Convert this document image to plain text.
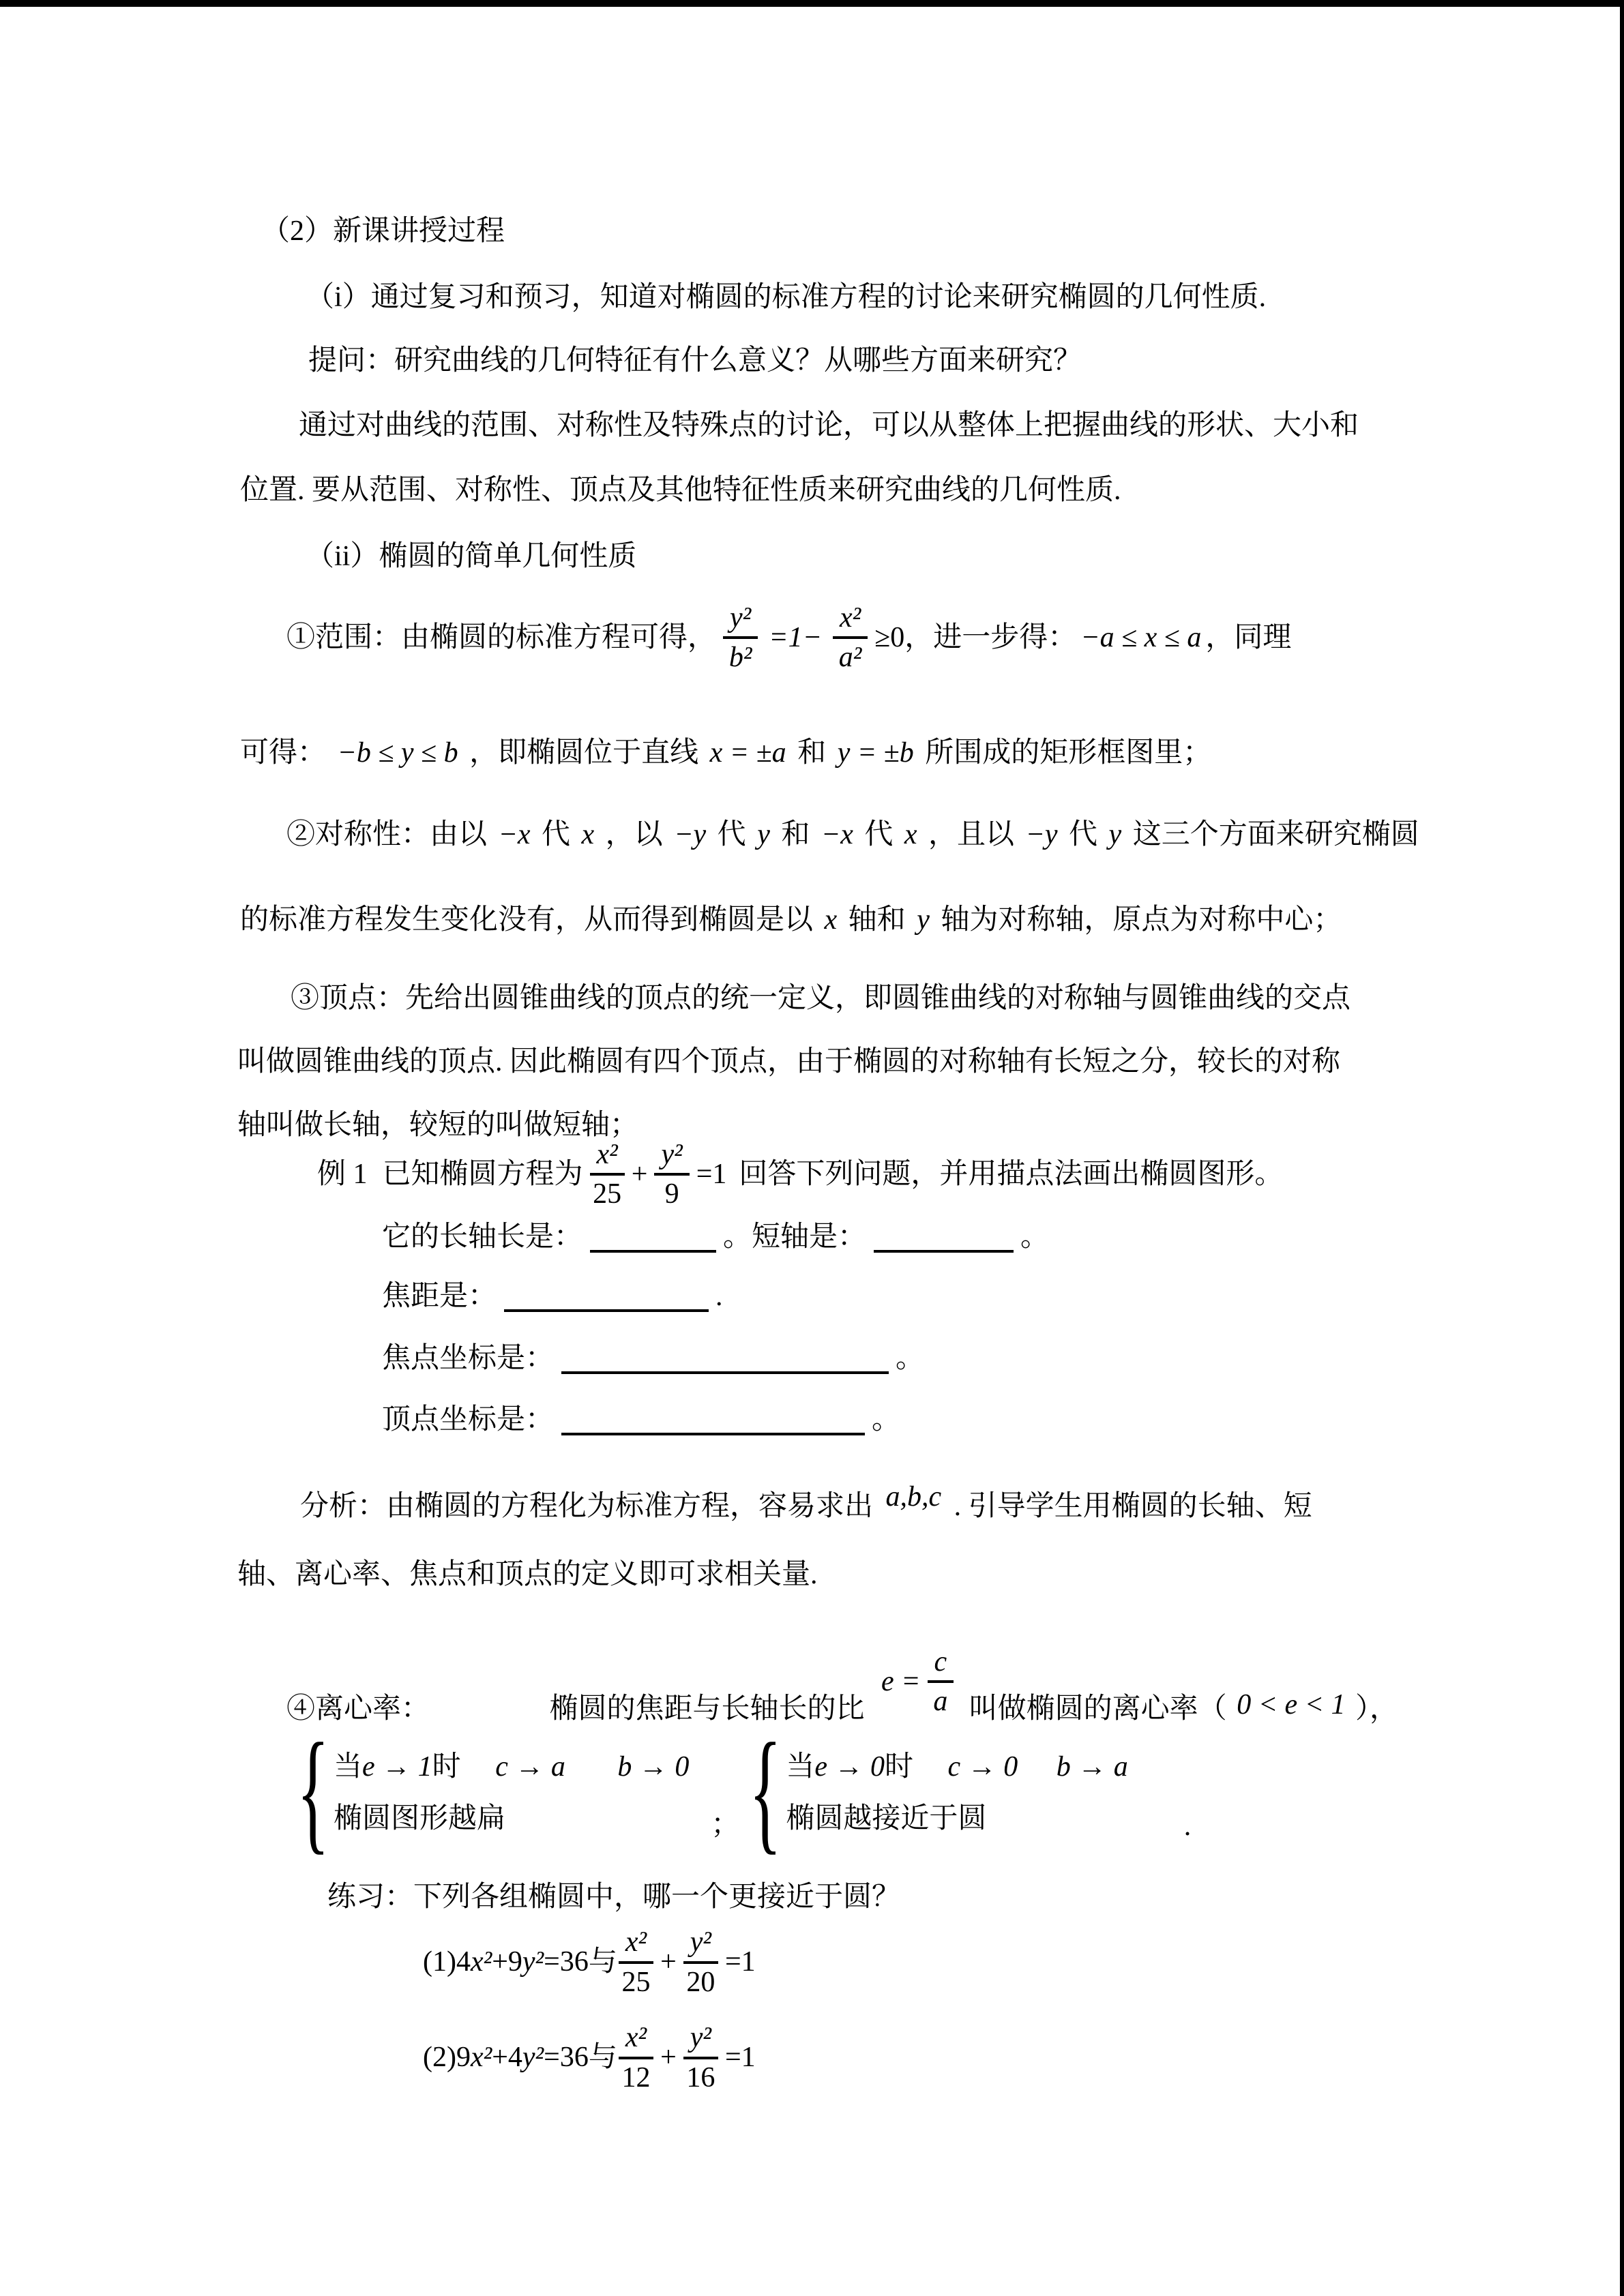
（2）新课讲授过程
（i）通过复习和预习，知道对椭圆的标准方程的讨论来研究椭圆的几何性质.
提问：研究曲线的几何特征有什么意义？从哪些方面来研究？
通过对曲线的范围、对称性及特殊点的讨论，可以从整体上把握曲线的形状、大小和
位置. 要从范围、对称性、顶点及其他特征性质来研究曲线的几何性质.
（ii）椭圆的简单几何性质
①范围：由椭圆的标准方程可得， $\frac{\text{y²}}{\text{b²}} =1- \frac{\text{x²}}{\text{a²}} \ge 0$，进一步得： −a ≤ x ≤ a ，同理
可得： −b ≤ y ≤ b ，即椭圆位于直线 x = ±a 和 y = ±b 所围成的矩形框图里；
②对称性：由以 −x 代 x ，以 −y 代 y 和 −x 代 x ，且以 −y 代 y 这三个方面来研究椭圆
的标准方程发生变化没有，从而得到椭圆是以 x 轴和 y 轴为对称轴，原点为对称中心；
③顶点：先给出圆锥曲线的顶点的统一定义，即圆锥曲线的对称轴与圆锥曲线的交点
叫做圆锥曲线的顶点. 因此椭圆有四个顶点，由于椭圆的对称轴有长短之分，较长的对称
轴叫做长轴，较短的叫做短轴；
例 1 已知椭圆方程为 $\frac{\text{x²}}{25} + \frac{\text{y²}}{9} =1$ 回答下列问题，并用描点法画出椭圆图形。
它的长轴长是：	。短轴是：	。
焦距是：	.
焦点坐标是：	。
顶点坐标是：	。
分析：由椭圆的方程化为标准方程，容易求出 a,b,c . 引导学生用椭圆的长轴、短
轴、离心率、焦点和顶点的定义即可求相关量.
④离心率：	椭圆的焦距与长轴长的比
$e = \frac{c}{a}$ 叫做椭圆的离心率（ 0 < e < 1 ），
{ 当e → 1时 c → a b → 0
椭圆图形越扁	； { 当e → 0时 c → 0 b → a
椭圆越接近于圆	.
练习：下列各组椭圆中，哪一个更接近于圆？
(1)4 x² +9 y² =36 与 $\frac{\text{x²}}{25} + \frac{\text{y²}}{20} =1$
(2)9 x² +4 y² =36 与 $\frac{\text{x²}}{12} + \frac{\text{y²}}{16} =1$
